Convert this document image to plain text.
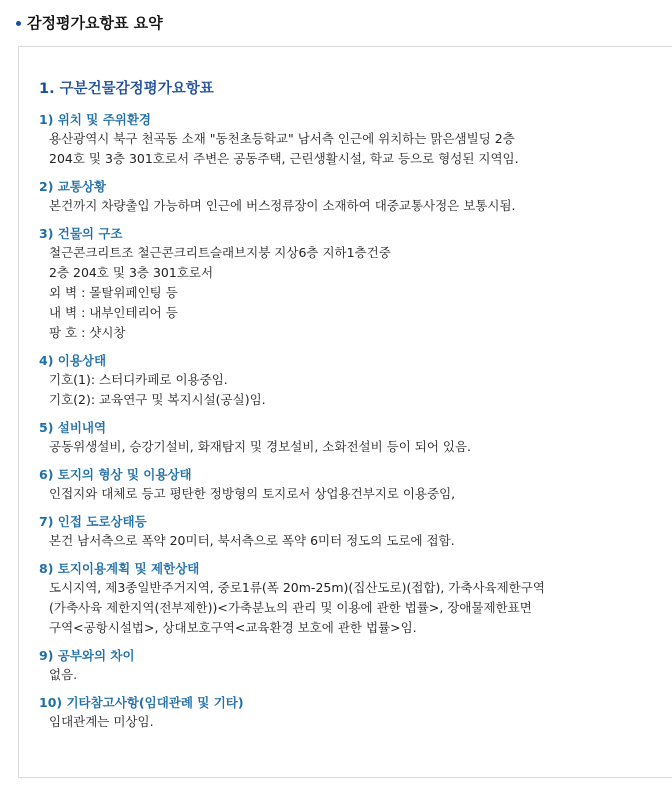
감정평가요항표 요약
1. 구분건물감정평가요항표
1) 위치 및 주위환경
용산광역시 북구 천곡동 소재 "동천초등학교" 남서측 인근에 위치하는 맑은샘빌딩 2층
204호 및 3층 301호로서 주변은 공동주택, 근린생활시설, 학교 등으로 형성된 지역임.
2) 교통상황
본건까지 차량출입 가능하며 인근에 버스정류장이 소재하여 대중교통사정은 보통시됨.
3) 건물의 구조
철근콘크리트조 철근콘크리트슬래브지붕 지상6층 지하1층건중
2층 204호 및 3층 301호로서
외 벽 : 몰탈위페인팅 등
내 벽 : 내부인테리어 등
팡 호 : 샷시창
4) 이용상태
기호(1): 스터디카페로 이용중임.
기호(2): 교육연구 및 복지시설(공실)임.
5) 설비내역
공동위생설비, 승강기설비, 화재탐지 및 경보설비, 소화전설비 등이 되어 있음.
6) 토지의 형상 및 이용상태
인접지와 대체로 등고 평탄한 정방형의 토지로서 상업용건부지로 이용중임,
7) 인접 도로상태등
본건 남서측으로 폭약 20미터, 북서측으로 폭약 6미터 정도의 도로에 접함.
8) 토지이용계획 및 제한상태
도시지역, 제3종일반주거지역, 중로1류(폭 20m-25m)(집산도로)(접합), 가축사육제한구역
(가축사육 제한지역(전부제한))<가축분뇨의 관리 및 이용에 관한 법률>, 장애물제한표면
구역<공항시설법>, 상대보호구역<교육환경 보호에 관한 법률>임.
9) 공부와의 차이
없음.
10) 기타참고사항(임대관례 및 기타)
임대관계는 미상임.
